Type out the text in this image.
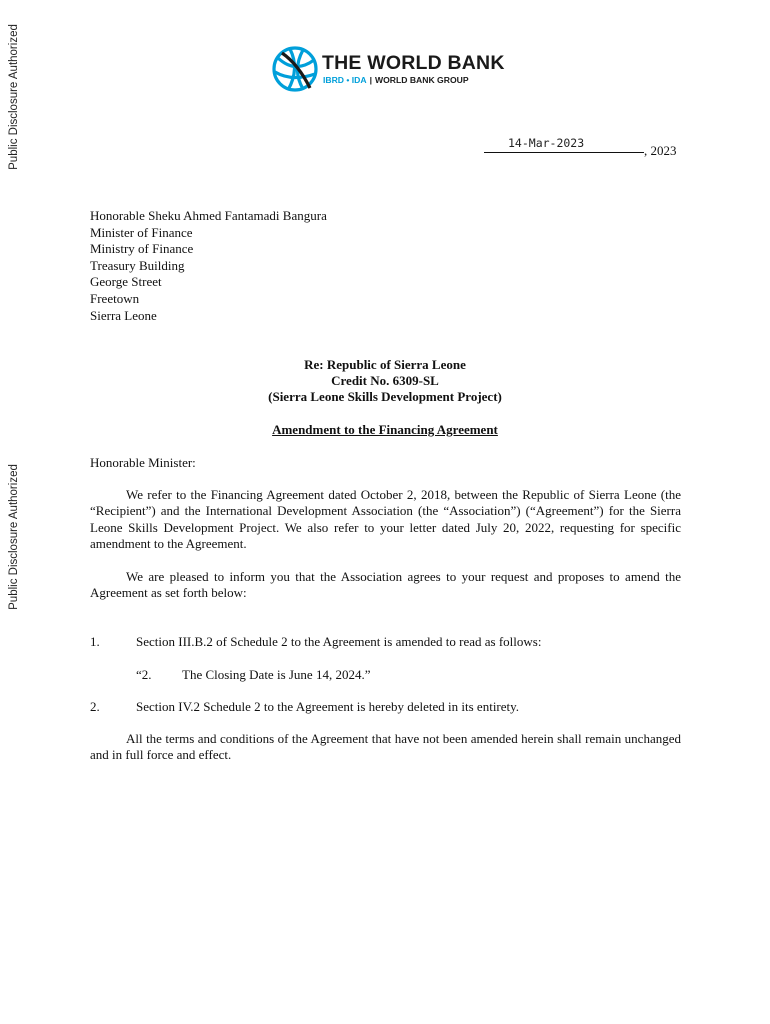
Public Disclosure Authorized
Public Disclosure Authorized
THE WORLD BANK
IBRD • IDA | WORLD BANK GROUP
14-Mar-2023	, 2023
Honorable Sheku Ahmed Fantamadi Bangura
Minister of Finance
Ministry of Finance
Treasury Building
George Street
Freetown
Sierra Leone
Re: Republic of Sierra Leone
Credit No. 6309-SL
(Sierra Leone Skills Development Project)
Amendment to the Financing Agreement
Honorable Minister:
We refer to the Financing Agreement dated October 2, 2018, between the Republic of Sierra Leone (the “Recipient”) and the International Development Association (the “Association”) (“Agreement”) for the Sierra Leone Skills Development Project. We also refer to your letter dated July 20, 2022, requesting for specific amendment to the Agreement.
We are pleased to inform you that the Association agrees to your request and proposes to amend the Agreement as set forth below:
1.	Section III.B.2 of Schedule 2 to the Agreement is amended to read as follows:
“2. The Closing Date is June 14, 2024.”
2.	Section IV.2 Schedule 2 to the Agreement is hereby deleted in its entirety.
All the terms and conditions of the Agreement that have not been amended herein shall remain unchanged and in full force and effect.
